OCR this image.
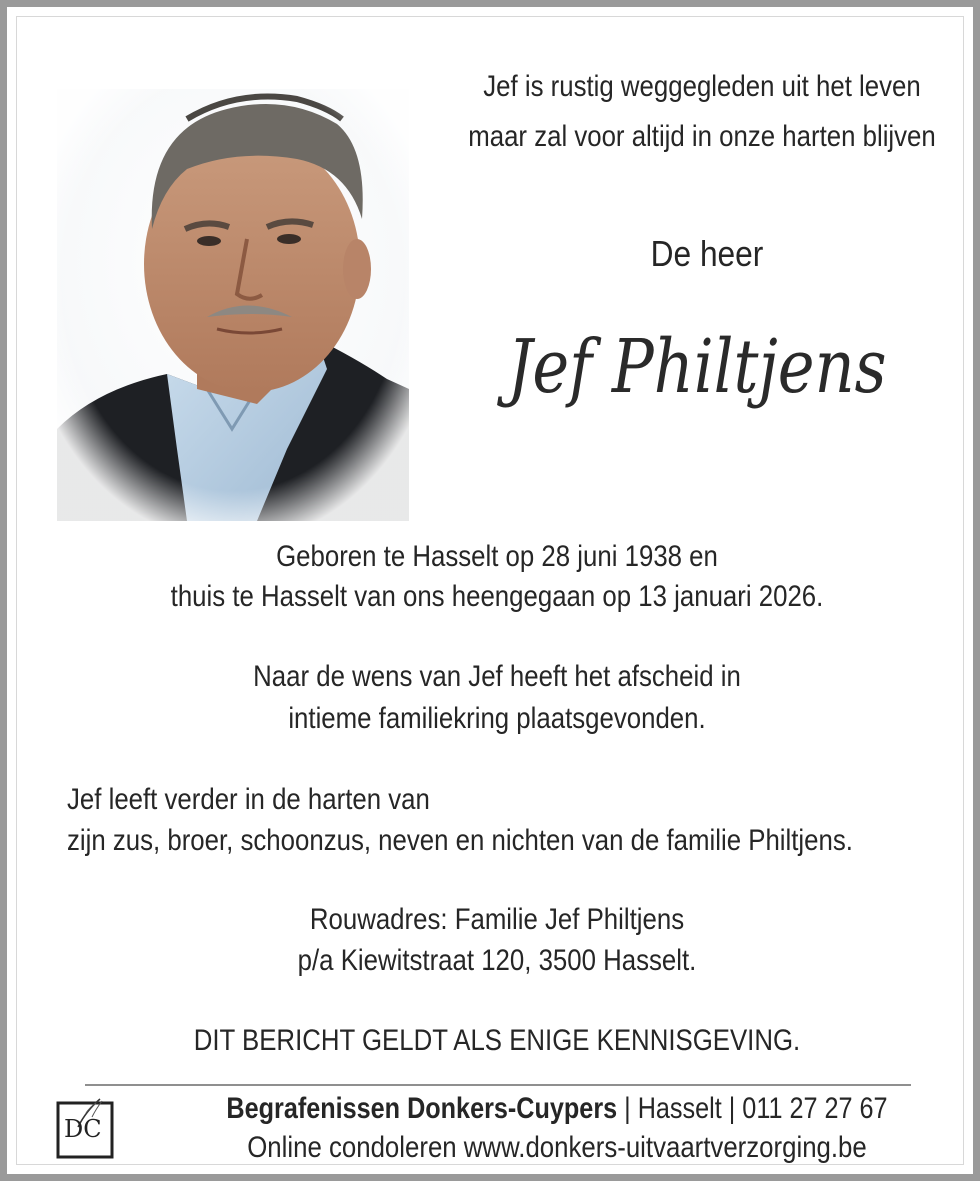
Jef is rustig weggegleden uit het leven
maar zal voor altijd in onze harten blijven
De heer
Jef Philtjens
Geboren te Hasselt op 28 juni 1938 en
thuis te Hasselt van ons heengegaan op 13 januari 2026.
Naar de wens van Jef heeft het afscheid in
intieme familiekring plaatsgevonden.
Jef leeft verder in de harten van
zijn zus, broer, schoonzus, neven en nichten van de familie Philtjens.
Rouwadres: Familie Jef Philtjens
p/a Kiewitstraat 120, 3500 Hasselt.
DIT BERICHT GELDT ALS ENIGE KENNISGEVING.
DC
Begrafenissen Donkers-Cuypers | Hasselt | 011 27 27 67
Online condoleren www.donkers-uitvaartverzorging.be
